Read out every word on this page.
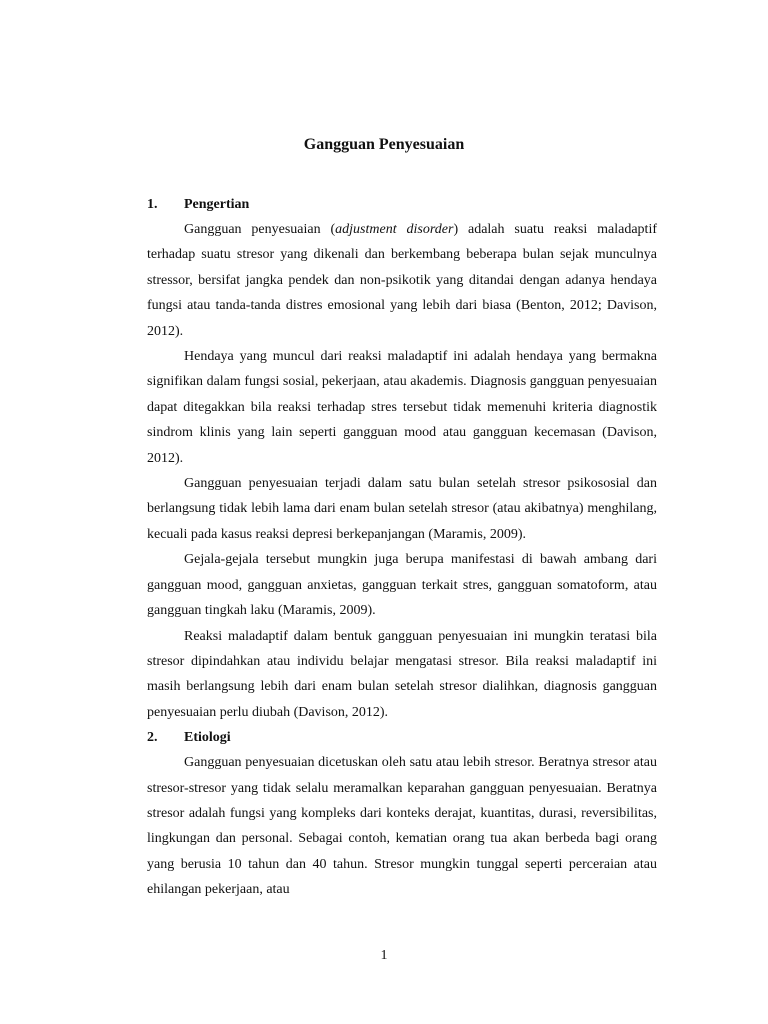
Gangguan Penyesuaian
1.	Pengertian

Gangguan penyesuaian (adjustment disorder) adalah suatu reaksi maladaptif terhadap suatu stresor yang dikenali dan berkembang beberapa bulan sejak munculnya stressor, bersifat jangka pendek dan non-psikotik yang ditandai dengan adanya hendaya fungsi atau tanda-tanda distres emosional yang lebih dari biasa (Benton, 2012; Davison, 2012).

Hendaya yang muncul dari reaksi maladaptif ini adalah hendaya yang bermakna signifikan dalam fungsi sosial, pekerjaan, atau akademis. Diagnosis gangguan penyesuaian dapat ditegakkan bila reaksi terhadap stres tersebut tidak memenuhi kriteria diagnostik sindrom klinis yang lain seperti gangguan mood atau gangguan kecemasan (Davison, 2012).

Gangguan penyesuaian terjadi dalam satu bulan setelah stresor psikososial dan berlangsung tidak lebih lama dari enam bulan setelah stresor (atau akibatnya) menghilang, kecuali pada kasus reaksi depresi berkepanjangan (Maramis, 2009).

Gejala-gejala tersebut mungkin juga berupa manifestasi di bawah ambang dari gangguan mood, gangguan anxietas, gangguan terkait stres, gangguan somatoform, atau gangguan tingkah laku (Maramis, 2009).

Reaksi maladaptif dalam bentuk gangguan penyesuaian ini mungkin teratasi bila stresor dipindahkan atau individu belajar mengatasi stresor. Bila reaksi maladaptif ini masih berlangsung lebih dari enam bulan setelah stresor dialihkan, diagnosis gangguan penyesuaian perlu diubah (Davison, 2012).

2.	Etiologi

Gangguan penyesuaian dicetuskan oleh satu atau lebih stresor. Beratnya stresor atau stresor-stresor yang tidak selalu meramalkan keparahan gangguan penyesuaian. Beratnya stresor adalah fungsi yang kompleks dari konteks derajat, kuantitas, durasi, reversibilitas, lingkungan dan personal. Sebagai contoh, kematian orang tua akan berbeda bagi orang yang berusia 10 tahun dan 40 tahun. Stresor mungkin tunggal seperti perceraian atau ehilangan pekerjaan, atau

1
